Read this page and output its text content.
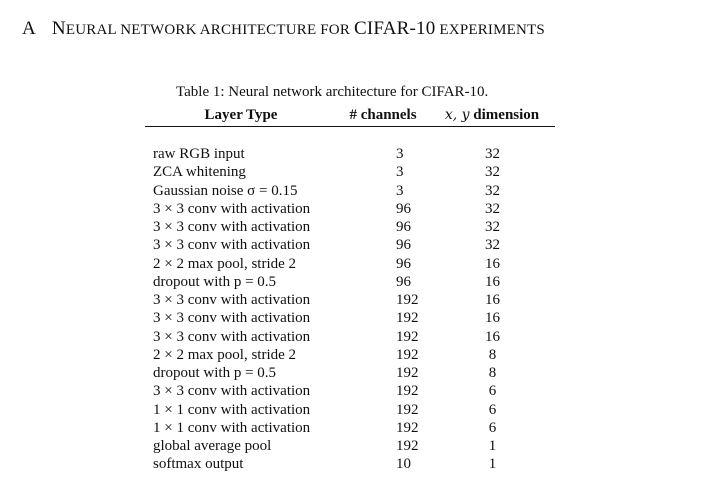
A NEURAL NETWORK ARCHITECTURE FOR CIFAR-10 EXPERIMENTS
Table 1: Neural network architecture for CIFAR-10.
Layer Type	# channels	x, y dimension

raw RGB input	3	32
ZCA whitening	3	32
Gaussian noise σ = 0.15	3	32
3 × 3 conv with activation	96	32
3 × 3 conv with activation	96	32
3 × 3 conv with activation	96	32
2 × 2 max pool, stride 2	96	16
dropout with p = 0.5	96	16
3 × 3 conv with activation	192	16
3 × 3 conv with activation	192	16
3 × 3 conv with activation	192	16
2 × 2 max pool, stride 2	192	8
dropout with p = 0.5	192	8
3 × 3 conv with activation	192	6
1 × 1 conv with activation	192	6
1 × 1 conv with activation	192	6
global average pool	192	1
softmax output	10	1
